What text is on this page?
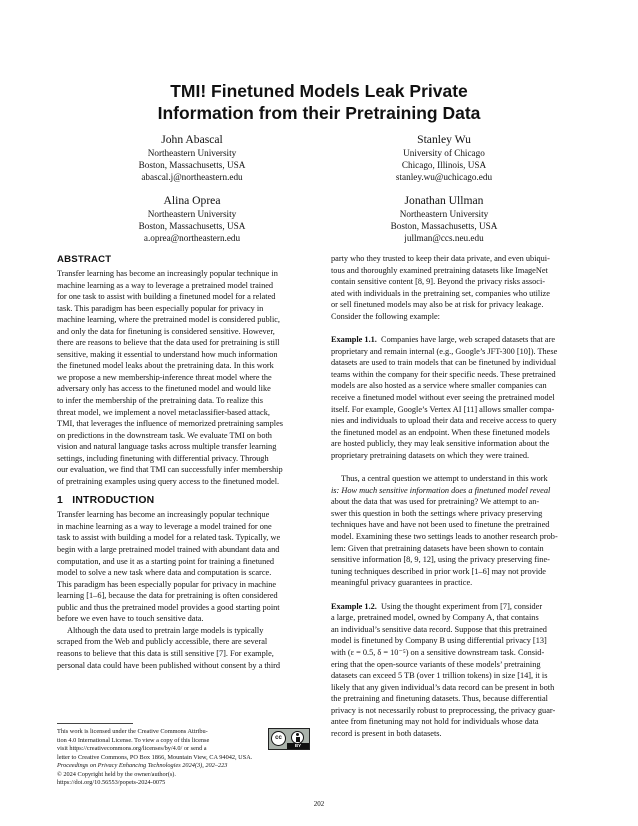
TMI! Finetuned Models Leak Private
Information from their Pretraining Data
John Abascal
Northeastern University
Boston, Massachusetts, USA
abascal.j@northeastern.edu
Stanley Wu
University of Chicago
Chicago, Illinois, USA
stanley.wu@uchicago.edu
Alina Oprea
Northeastern University
Boston, Massachusetts, USA
a.oprea@northeastern.edu
Jonathan Ullman
Northeastern University
Boston, Massachusetts, USA
jullman@ccs.neu.edu
ABSTRACT
Transfer learning has become an increasingly popular technique in
machine learning as a way to leverage a pretrained model trained
for one task to assist with building a finetuned model for a related
task. This paradigm has been especially popular for privacy in
machine learning, where the pretrained model is considered public,
and only the data for finetuning is considered sensitive. However,
there are reasons to believe that the data used for pretraining is still
sensitive, making it essential to understand how much information
the finetuned model leaks about the pretraining data. In this work
we propose a new membership-inference threat model where the
adversary only has access to the finetuned model and would like
to infer the membership of the pretraining data. To realize this
threat model, we implement a novel metaclassifier-based attack,
TMI, that leverages the influence of memorized pretraining samples
on predictions in the downstream task. We evaluate TMI on both
vision and natural language tasks across multiple transfer learning
settings, including finetuning with differential privacy. Through
our evaluation, we find that TMI can successfully infer membership
of pretraining examples using query access to the finetuned model.
1 INTRODUCTION
Transfer learning has become an increasingly popular technique
in machine learning as a way to leverage a model trained for one
task to assist with building a model for a related task. Typically, we
begin with a large pretrained model trained with abundant data and
computation, and use it as a starting point for training a finetuned
model to solve a new task where data and computation is scarce.
This paradigm has been especially popular for privacy in machine
learning [1–6], because the data for pretraining is often considered
public and thus the pretrained model provides a good starting point
before we even have to touch sensitive data.
Although the data used to pretrain large models is typically
scraped from the Web and publicly accessible, there are several
reasons to believe that this data is still sensitive [7]. For example,
personal data could have been published without consent by a third
This work is licensed under the Creative Commons Attribu-
tion 4.0 International License. To view a copy of this license
visit https://creativecommons.org/licenses/by/4.0/ or send a
letter to Creative Commons, PO Box 1866, Mountain View, CA 94042, USA.
Proceedings on Privacy Enhancing Technologies 2024(3), 202–223
© 2024 Copyright held by the owner/author(s).
https://doi.org/10.56553/popets-2024-0075
cc
BY
party who they trusted to keep their data private, and even ubiqui-
tous and thoroughly examined pretraining datasets like ImageNet
contain sensitive content [8, 9]. Beyond the privacy risks associ-
ated with individuals in the pretraining set, companies who utilize
or sell finetuned models may also be at risk for privacy leakage.
Consider the following example:
Example 1.1. Companies have large, web scraped datasets that are
proprietary and remain internal (e.g., Google’s JFT-300 [10]). These
datasets are used to train models that can be finetuned by individual
teams within the company for their specific needs. These pretrained
models are also hosted as a service where smaller companies can
receive a finetuned model without ever seeing the pretrained model
itself. For example, Google’s Vertex AI [11] allows smaller compa-
nies and individuals to upload their data and receive access to query
the finetuned model as an endpoint. When these finetuned models
are hosted publicly, they may leak sensitive information about the
proprietary pretraining datasets on which they were trained.
Thus, a central question we attempt to understand in this work
is: How much sensitive information does a finetuned model reveal
about the data that was used for pretraining? We attempt to an-
swer this question in both the settings where privacy preserving
techniques have and have not been used to finetune the pretrained
model. Examining these two settings leads to another research prob-
lem: Given that pretraining datasets have been shown to contain
sensitive information [8, 9, 12], using the privacy preserving fine-
tuning techniques described in prior work [1–6] may not provide
meaningful privacy guarantees in practice.
Example 1.2. Using the thought experiment from [7], consider
a large, pretrained model, owned by Company A, that contains
an individual’s sensitive data record. Suppose that this pretrained
model is finetuned by Company B using differential privacy [13]
with (ε = 0.5, δ = 10⁻⁵) on a sensitive downstream task. Consid-
ering that the open-source variants of these models’ pretraining
datasets can exceed 5 TB (over 1 trillion tokens) in size [14], it is
likely that any given individual’s data record can be present in both
the pretraining and finetuning datasets. Thus, because differential
privacy is not necessarily robust to preprocessing, the privacy guar-
antee from finetuning may not hold for individuals whose data
record is present in both datasets.
202
